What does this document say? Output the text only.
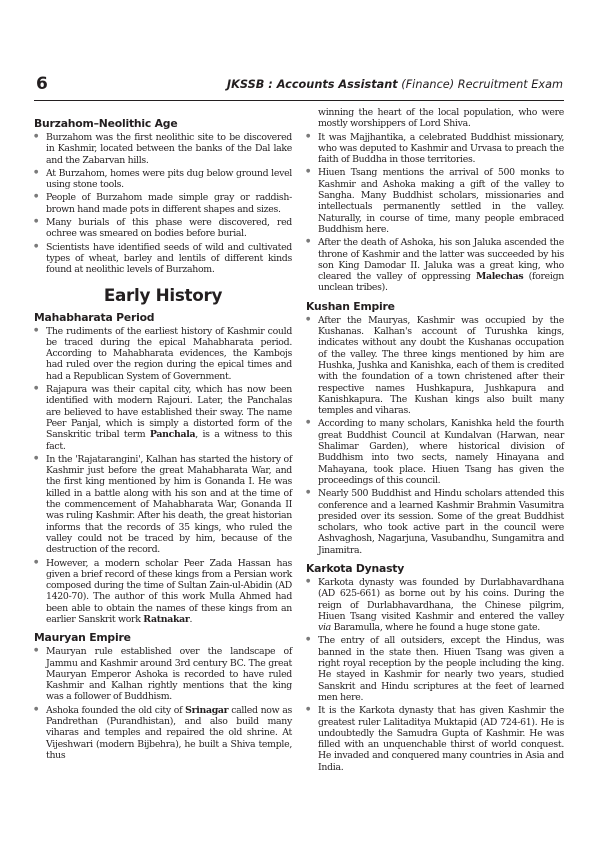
6	JKSSB : Accounts Assistant (Finance) Recruitment Exam
Burzahom–Neolithic Age
● Burzahom was the first neolithic site to be discovered in Kashmir, located between the banks of the Dal lake and the Zabarvan hills.
● At Burzahom, homes were pits dug below ground level using stone tools.
● People of Burzahom made simple gray or raddish- brown hand made pots in different shapes and sizes.
● Many burials of this phase were discovered, red ochree was smeared on bodies before burial.
● Scientists have identified seeds of wild and cultivated types of wheat, barley and lentils of different kinds found at neolithic levels of Burzahom.
Early History
Mahabharata Period
● The rudiments of the earliest history of Kashmir could be traced during the epical Mahabharata period. According to Mahabharata evidences, the Kambojs had ruled over the region during the epical times and had a Republican System of Government.
● Rajapura was their capital city, which has now been identified with modern Rajouri. Later, the Panchalas are believed to have established their sway. The name Peer Panjal, which is simply a distorted form of the Sanskritic tribal term Panchala, is a witness to this fact.
● In the 'Rajatarangini', Kalhan has started the history of Kashmir just before the great Mahabharata War, and the first king mentioned by him is Gonanda I. He was killed in a battle along with his son and at the time of the commencement of Mahabharata War, Gonanda II was ruling Kashmir. After his death, the great historian informs that the records of 35 kings, who ruled the valley could not be traced by him, because of the destruction of the record.
● However, a modern scholar Peer Zada Hassan has given a brief record of these kings from a Persian work composed during the time of Sultan Zain-ul-Abidin (AD 1420-70). The author of this work Mulla Ahmed had been able to obtain the names of these kings from an earlier Sanskrit work Ratnakar.
Mauryan Empire
● Mauryan rule established over the landscape of Jammu and Kashmir around 3rd century BC. The great Mauryan Emperor Ashoka is recorded to have ruled Kashmir and Kalhan rightly mentions that the king was a follower of Buddhism.
● Ashoka founded the old city of Srinagar called now as Pandrethan (Purandhistan), and also build many viharas and temples and repaired the old shrine. At Vijeshwari (modern Bijbehra), he built a Shiva temple, thus
winning the heart of the local population, who were mostly worshippers of Lord Shiva.
● It was Majjhantika, a celebrated Buddhist missionary, who was deputed to Kashmir and Urvasa to preach the faith of Buddha in those territories.
● Hiuen Tsang mentions the arrival of 500 monks to Kashmir and Ashoka making a gift of the valley to Sangha. Many Buddhist scholars, missionaries and intellectuals permanently settled in the valley. Naturally, in course of time, many people embraced Buddhism here.
● After the death of Ashoka, his son Jaluka ascended the throne of Kashmir and the latter was succeeded by his son King Damodar II. Jaluka was a great king, who cleared the valley of oppressing Malechas (foreign unclean tribes).
Kushan Empire
● After the Mauryas, Kashmir was occupied by the Kushanas. Kalhan's account of Turushka kings, indicates without any doubt the Kushanas occupation of the valley. The three kings mentioned by him are Hushka, Jushka and Kanishka, each of them is credited with the foundation of a town christened after their respective names Hushkapura, Jushkapura and Kanishkapura. The Kushan kings also built many temples and viharas.
● According to many scholars, Kanishka held the fourth great Buddhist Council at Kundalvan (Harwan, near Shalimar Garden), where historical division of Buddhism into two sects, namely Hinayana and Mahayana, took place. Hiuen Tsang has given the proceedings of this council.
● Nearly 500 Buddhist and Hindu scholars attended this conference and a learned Kashmir Brahmin Vasumitra presided over its session. Some of the great Buddhist scholars, who took active part in the council were Ashvaghosh, Nagarjuna, Vasubandhu, Sungamitra and Jinamitra.
Karkota Dynasty
● Karkota dynasty was founded by Durlabhavardhana (AD 625-661) as borne out by his coins. During the reign of Durlabhavardhana, the Chinese pilgrim, Hiuen Tsang visited Kashmir and entered the valley via Baramulla, where he found a huge stone gate.
● The entry of all outsiders, except the Hindus, was banned in the state then. Hiuen Tsang was given a right royal reception by the people including the king. He stayed in Kashmir for nearly two years, studied Sanskrit and Hindu scriptures at the feet of learned men here.
● It is the Karkota dynasty that has given Kashmir the greatest ruler Lalitaditya Muktapid (AD 724-61). He is undoubtedly the Samudra Gupta of Kashmir. He was filled with an unquenchable thirst of world conquest. He invaded and conquered many countries in Asia and India.
